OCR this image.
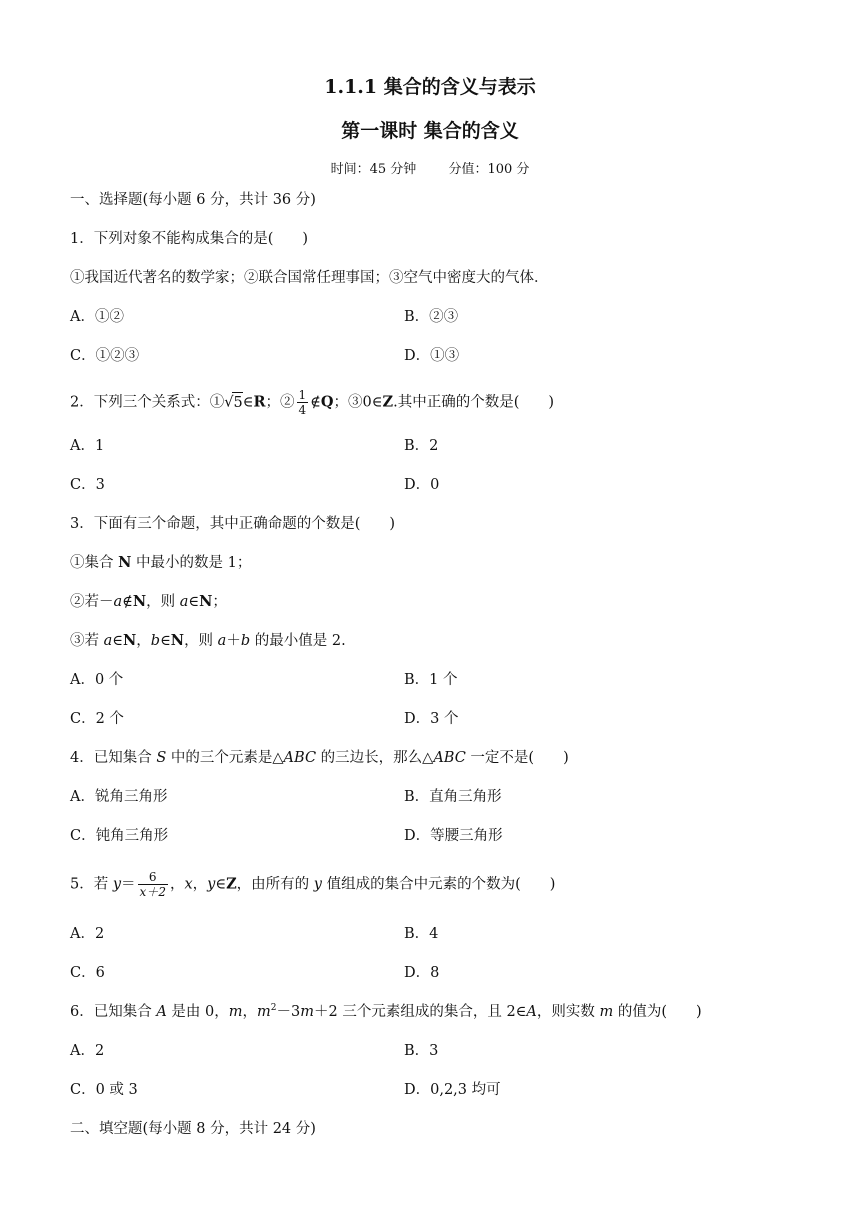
1.1.1 集合的含义与表示
第一课时 集合的含义
时间：45 分钟 分值：100 分
一、选择题(每小题 6 分，共计 36 分)
1．下列对象不能构成集合的是(　　)
①我国近代著名的数学家；②联合国常任理事国；③空气中密度大的气体．
A．①②	B．②③
C．①②③	D．①③
2．下列三个关系式：①√5∈R；② $\frac{1}{4}$ ∉Q；③0∈Z.其中正确的个数是(　　)
A．1	B．2
C．3	D．0
3．下面有三个命题，其中正确命题的个数是(　　)
①集合 N 中最小的数是 1；
②若－a∉N，则 a∈N；
③若 a∈N，b∈N，则 a＋b 的最小值是 2.
A．0 个	B．1 个
C．2 个	D．3 个
4．已知集合 S 中的三个元素是△ABC 的三边长，那么△ABC 一定不是(　　)
A．锐角三角形	B．直角三角形
C．钝角三角形	D．等腰三角形
5．若 $y= \frac{6}{x+2}$ ，x，y∈Z，由所有的 y 值组成的集合中元素的个数为(　　)
A．2	B．4
C．6	D．8
6．已知集合 A 是由 0，m，$m^2-3m+2$ 三个元素组成的集合，且 2∈A，则实数 m 的值为(　　)
A．2	B．3
C．0 或 3	D．0,2,3 均可
二、填空题(每小题 8 分，共计 24 分)
